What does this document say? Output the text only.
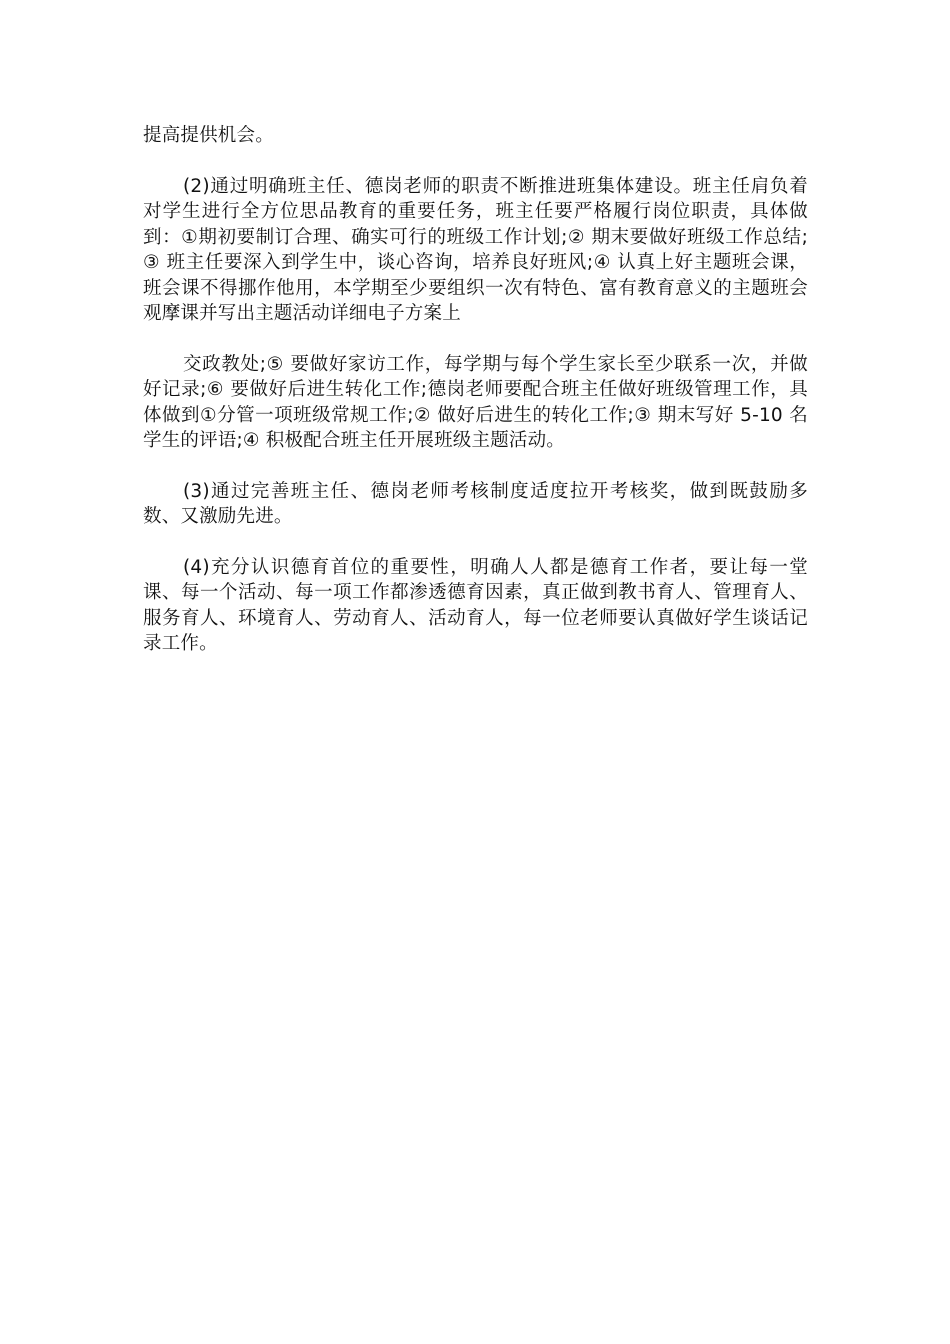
提高提供机会。

(2)通过明确班主任、德岗老师的职责不断推进班集体建设。班主任肩负着对学生进行全方位思品教育的重要任务，班主任要严格履行岗位职责，具体做到：①期初要制订合理、确实可行的班级工作计划;② 期末要做好班级工作总结;③ 班主任要深入到学生中，谈心咨询，培养良好班风;④ 认真上好主题班会课，班会课不得挪作他用，本学期至少要组织一次有特色、富有教育意义的主题班会观摩课并写出主题活动详细电子方案上

交政教处;⑤ 要做好家访工作，每学期与每个学生家长至少联系一次，并做好记录;⑥ 要做好后进生转化工作;德岗老师要配合班主任做好班级管理工作，具体做到①分管一项班级常规工作;② 做好后进生的转化工作;③ 期末写好 5-10 名学生的评语;④ 积极配合班主任开展班级主题活动。

(3)通过完善班主任、德岗老师考核制度适度拉开考核奖，做到既鼓励多数、又激励先进。

(4)充分认识德育首位的重要性，明确人人都是德育工作者，要让每一堂课、每一个活动、每一项工作都渗透德育因素，真正做到教书育人、管理育人、服务育人、环境育人、劳动育人、活动育人，每一位老师要认真做好学生谈话记录工作。
